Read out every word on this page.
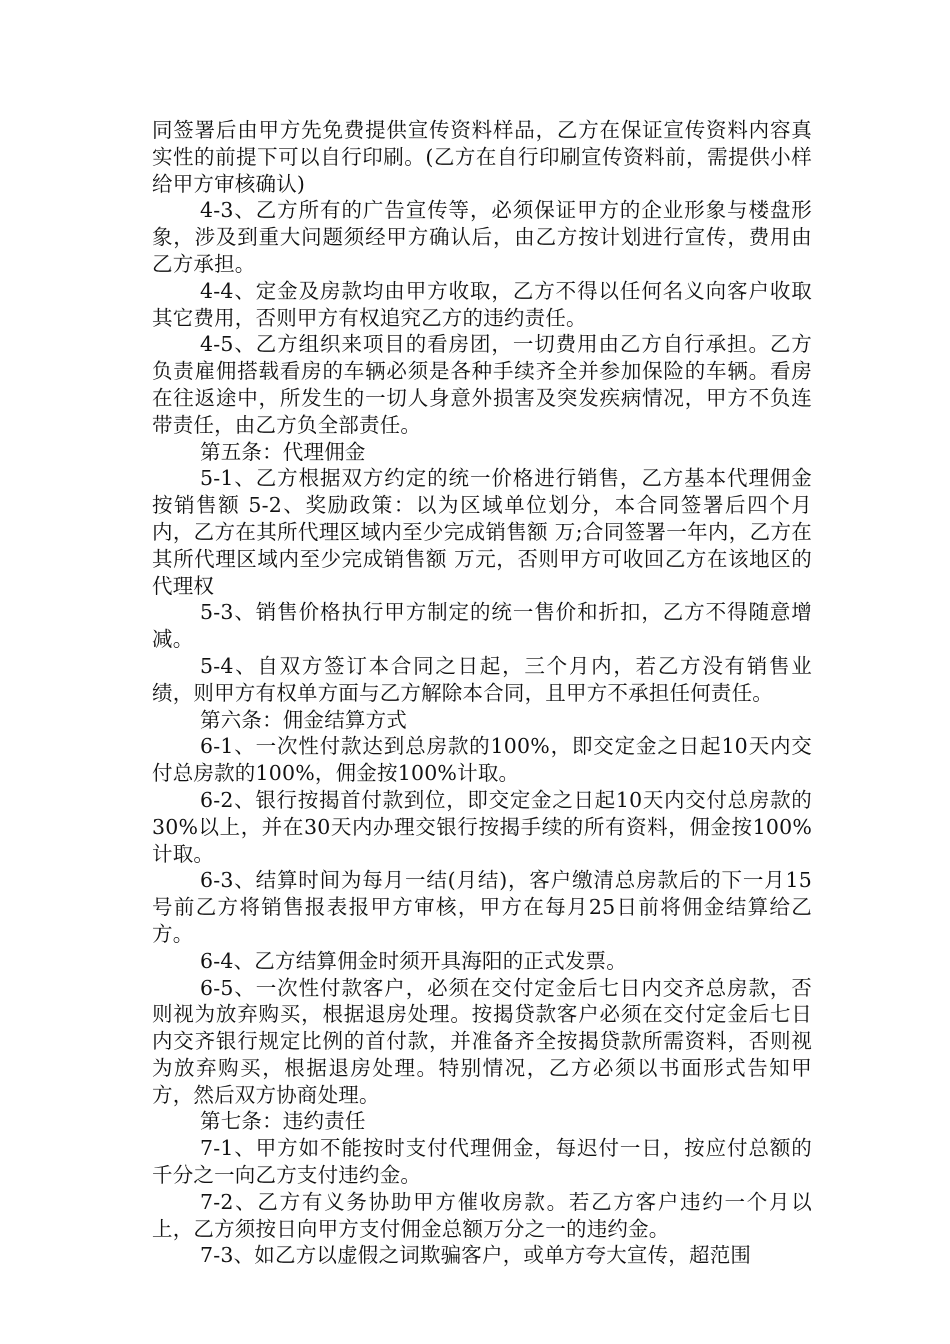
同签署后由甲方先免费提供宣传资料样品，乙方在保证宣传资料内容真实性的前提下可以自行印刷。(乙方在自行印刷宣传资料前，需提供小样给甲方审核确认)

4-3、乙方所有的广告宣传等，必须保证甲方的企业形象与楼盘形象，涉及到重大问题须经甲方确认后，由乙方按计划进行宣传，费用由乙方承担。

4-4、定金及房款均由甲方收取，乙方不得以任何名义向客户收取其它费用，否则甲方有权追究乙方的违约责任。

4-5、乙方组织来项目的看房团，一切费用由乙方自行承担。乙方负责雇佣搭载看房的车辆必须是各种手续齐全并参加保险的车辆。看房在往返途中，所发生的一切人身意外损害及突发疾病情况，甲方不负连带责任，由乙方负全部责任。

第五条：代理佣金

5-1、乙方根据双方约定的统一价格进行销售，乙方基本代理佣金按销售额 5-2、奖励政策：以为区域单位划分，本合同签署后四个月内，乙方在其所代理区域内至少完成销售额 万;合同签署一年内，乙方在其所代理区域内至少完成销售额 万元，否则甲方可收回乙方在该地区的代理权

5-3、销售价格执行甲方制定的统一售价和折扣，乙方不得随意增减。

5-4、自双方签订本合同之日起，三个月内，若乙方没有销售业绩，则甲方有权单方面与乙方解除本合同，且甲方不承担任何责任。

第六条：佣金结算方式

6-1、一次性付款达到总房款的100%，即交定金之日起10天内交付总房款的100%，佣金按100%计取。

6-2、银行按揭首付款到位，即交定金之日起10天内交付总房款的30%以上，并在30天内办理交银行按揭手续的所有资料，佣金按100%计取。

6-3、结算时间为每月一结(月结)，客户缴清总房款后的下一月15号前乙方将销售报表报甲方审核，甲方在每月25日前将佣金结算给乙方。

6-4、乙方结算佣金时须开具海阳的正式发票。

6-5、一次性付款客户，必须在交付定金后七日内交齐总房款，否则视为放弃购买，根据退房处理。按揭贷款客户必须在交付定金后七日内交齐银行规定比例的首付款，并准备齐全按揭贷款所需资料，否则视为放弃购买，根据退房处理。特别情况，乙方必须以书面形式告知甲方，然后双方协商处理。

第七条：违约责任

7-1、甲方如不能按时支付代理佣金，每迟付一日，按应付总额的千分之一向乙方支付违约金。

7-2、乙方有义务协助甲方催收房款。若乙方客户违约一个月以上，乙方须按日向甲方支付佣金总额万分之一的违约金。

7-3、如乙方以虚假之词欺骗客户，或单方夸大宣传，超范围
